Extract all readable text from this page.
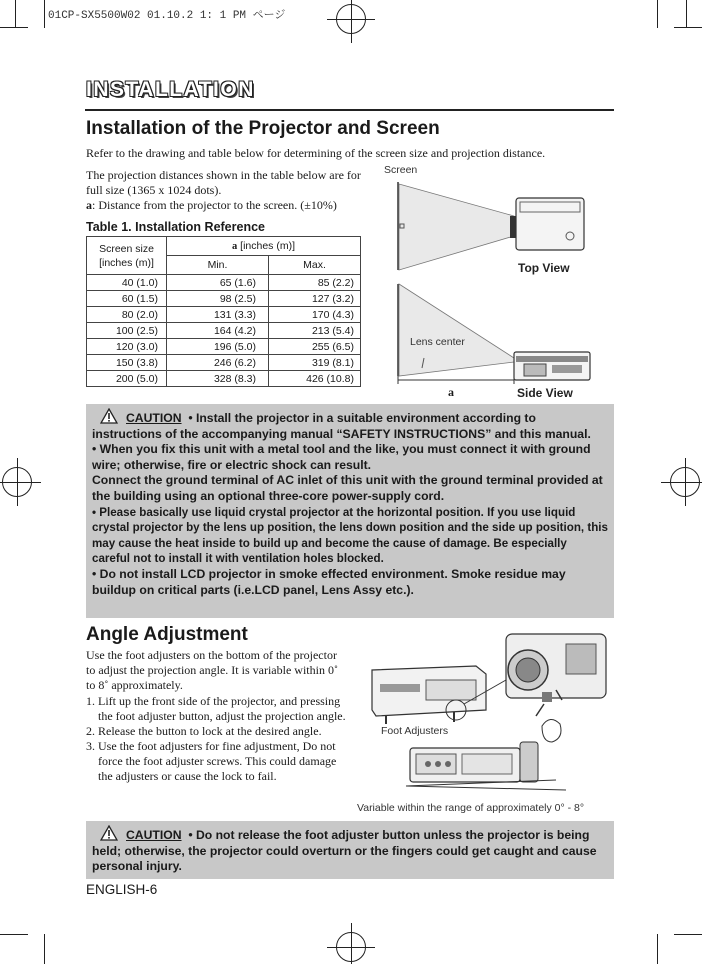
01CP-SX5500W02 01.10.2 1: 1 PM ページ
INSTALLATION
Installation of the Projector and Screen
Refer to the drawing and table below for determining of the screen size and projection distance.
The projection distances shown in the table below are for full size (1365 x 1024 dots).
a: Distance from the projector to the screen. (±10%)
Table 1. Installation Reference
Screen size [inches (m)]	a [inches (m)]	
	Min.	Max.
40 (1.0)	65 (1.6)	85 (2.2)
60 (1.5)	98 (2.5)	127 (3.2)
80 (2.0)	131 (3.3)	170 (4.3)
100 (2.5)	164 (4.2)	213 (5.4)
120 (3.0)	196 (5.0)	255 (6.5)
150 (3.8)	246 (6.2)	319 (8.1)
200 (5.0)	328 (8.3)	426 (10.8)
Screen
Top View
Lens center
a	Side View
CAUTION • Install the projector in a suitable environment according to instructions of the accompanying manual “SAFETY INSTRUCTIONS” and this manual.
• When you fix this unit with a metal tool and the like, you must connect it with ground wire; otherwise, fire or electric shock can result.
Connect the ground terminal of AC inlet of this unit with the ground terminal provided at the building using an optional three-core power-supply cord.
• Please basically use liquid crystal projector at the horizontal position. If you use liquid crystal projector by the lens up position, the lens down position and the side up position, this may cause the heat inside to build up and become the cause of damage. Be especially careful not to install it with ventilation holes blocked.
• Do not install LCD projector in smoke effected environment. Smoke residue may buildup on critical parts (i.e.LCD panel, Lens Assy etc.).
Angle Adjustment
Use the foot adjusters on the bottom of the projector to adjust the projection angle. It is variable within 0˚ to 8˚ approximately.
1. Lift up the front side of the projector, and pressing the foot adjuster button, adjust the projection angle.
2. Release the button to lock at the desired angle.
3. Use the foot adjusters for fine adjustment, Do not force the foot adjuster screws. This could damage the adjusters or cause the lock to fail.
Foot Adjusters
Variable within the range of approximately 0° - 8°
CAUTION • Do not release the foot adjuster button unless the projector is being held; otherwise, the projector could overturn or the fingers could get caught and cause personal injury.
ENGLISH-6
